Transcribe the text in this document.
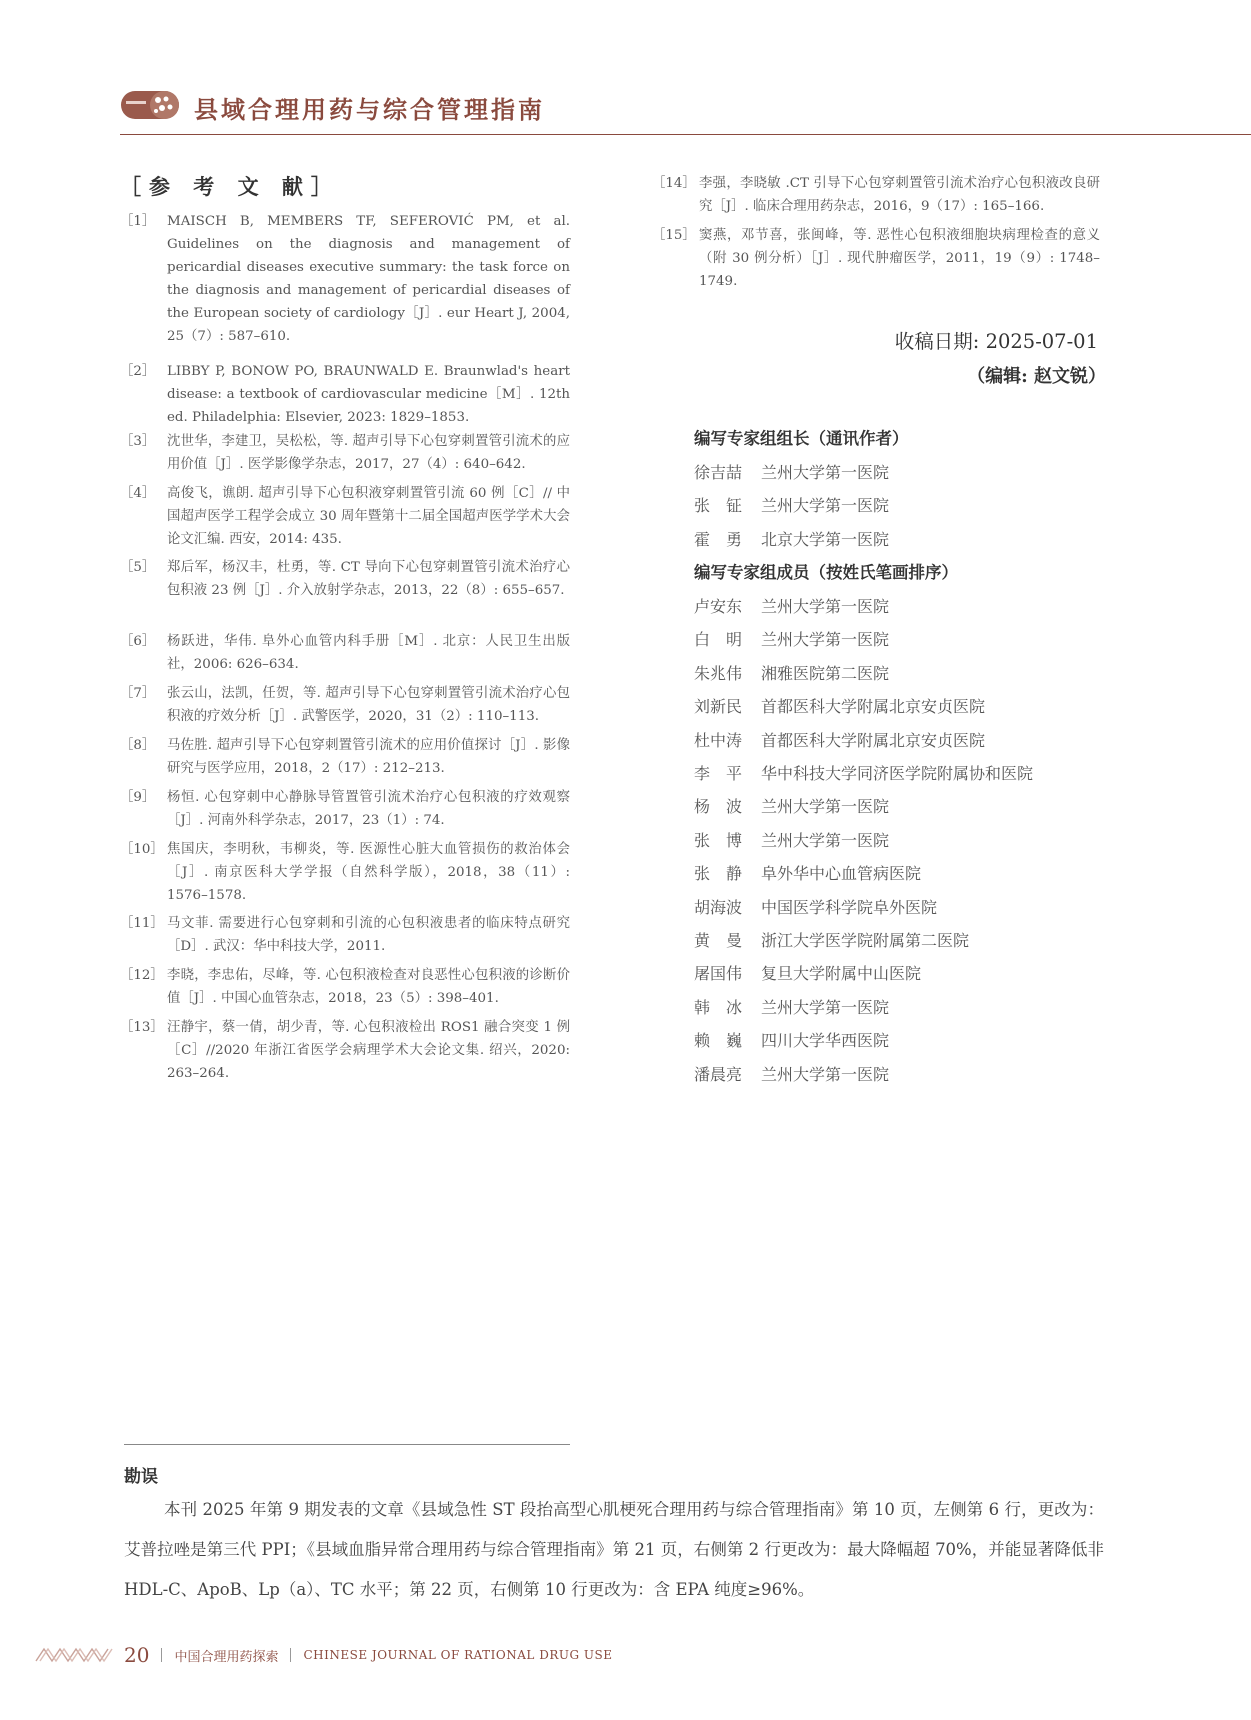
县域合理用药与综合管理指南
［参 考 文 献］
［1］ MAISCH B, MEMBERS TF, SEFEROVIĆ PM, et al. Guidelines on the diagnosis and management of pericardial diseases executive summary: the task force on the diagnosis and management of pericardial diseases of the European society of cardiology［J］. eur Heart J, 2004, 25（7）: 587–610.
［2］ LIBBY P, BONOW PO, BRAUNWALD E. Braunwlad's heart disease: a textbook of cardiovascular medicine［M］. 12th ed. Philadelphia: Elsevier, 2023: 1829–1853.
［3］ 沈世华，李建卫，吴松松，等. 超声引导下心包穿刺置管引流术的应用价值［J］. 医学影像学杂志，2017，27（4）: 640–642.
［4］ 高俊飞，谯朗. 超声引导下心包积液穿刺置管引流 60 例［C］// 中国超声医学工程学会成立 30 周年暨第十二届全国超声医学学术大会论文汇编. 西安，2014: 435.
［5］ 郑后军，杨汉丰，杜勇，等. CT 导向下心包穿刺置管引流术治疗心包积液 23 例［J］. 介入放射学杂志，2013，22（8）: 655–657.
［6］ 杨跃进，华伟. 阜外心血管内科手册［M］. 北京：人民卫生出版社，2006: 626–634.
［7］ 张云山，法凯，任贺，等. 超声引导下心包穿刺置管引流术治疗心包积液的疗效分析［J］. 武警医学，2020，31（2）: 110–113.
［8］ 马佐胜. 超声引导下心包穿刺置管引流术的应用价值探讨［J］. 影像研究与医学应用，2018，2（17）: 212–213.
［9］ 杨恒. 心包穿刺中心静脉导管置管引流术治疗心包积液的疗效观察［J］. 河南外科学杂志，2017，23（1）: 74.
［10］ 焦国庆，李明秋，韦柳炎，等. 医源性心脏大血管损伤的救治体会［J］. 南京医科大学学报（自然科学版），2018，38（11）: 1576–1578.
［11］ 马文菲. 需要进行心包穿刺和引流的心包积液患者的临床特点研究［D］. 武汉：华中科技大学，2011.
［12］ 李晓，李忠佑，尽峰，等. 心包积液检查对良恶性心包积液的诊断价值［J］. 中国心血管杂志，2018，23（5）: 398–401.
［13］ 汪静宇，蔡一倩，胡少青，等. 心包积液检出 ROS1 融合突变 1 例［C］//2020 年浙江省医学会病理学术大会论文集. 绍兴，2020: 263–264.
［14］ 李强，李晓敏 .CT 引导下心包穿刺置管引流术治疗心包积液改良研究［J］. 临床合理用药杂志，2016，9（17）: 165–166.
［15］ 窦燕，邓节喜，张闽峰，等. 恶性心包积液细胞块病理检查的意义（附 30 例分析）［J］. 现代肿瘤医学，2011，19（9）: 1748–1749.
收稿日期: 2025-07-01
（编辑: 赵文锐）
编写专家组组长（通讯作者）
徐吉喆	兰州大学第一医院
张　钲	兰州大学第一医院
霍　勇	北京大学第一医院
编写专家组成员（按姓氏笔画排序）
卢安东	兰州大学第一医院
白　明	兰州大学第一医院
朱兆伟	湘雅医院第二医院
刘新民	首都医科大学附属北京安贞医院
杜中涛	首都医科大学附属北京安贞医院
李　平	华中科技大学同济医学院附属协和医院
杨　波	兰州大学第一医院
张　博	兰州大学第一医院
张　静	阜外华中心血管病医院
胡海波	中国医学科学院阜外医院
黄　曼	浙江大学医学院附属第二医院
屠国伟	复旦大学附属中山医院
韩　冰	兰州大学第一医院
赖　巍	四川大学华西医院
潘晨亮	兰州大学第一医院
勘误
本刊 2025 年第 9 期发表的文章《县域急性 ST 段抬高型心肌梗死合理用药与综合管理指南》第 10 页，左侧第 6 行，更改为：艾普拉唑是第三代 PPI；《县域血脂异常合理用药与综合管理指南》第 21 页，右侧第 2 行更改为：最大降幅超 70%，并能显著降低非 HDL-C、ApoB、Lp（a）、TC 水平；第 22 页，右侧第 10 行更改为：含 EPA 纯度≥96%。
20 中国合理用药探索 CHINESE JOURNAL OF RATIONAL DRUG USE
